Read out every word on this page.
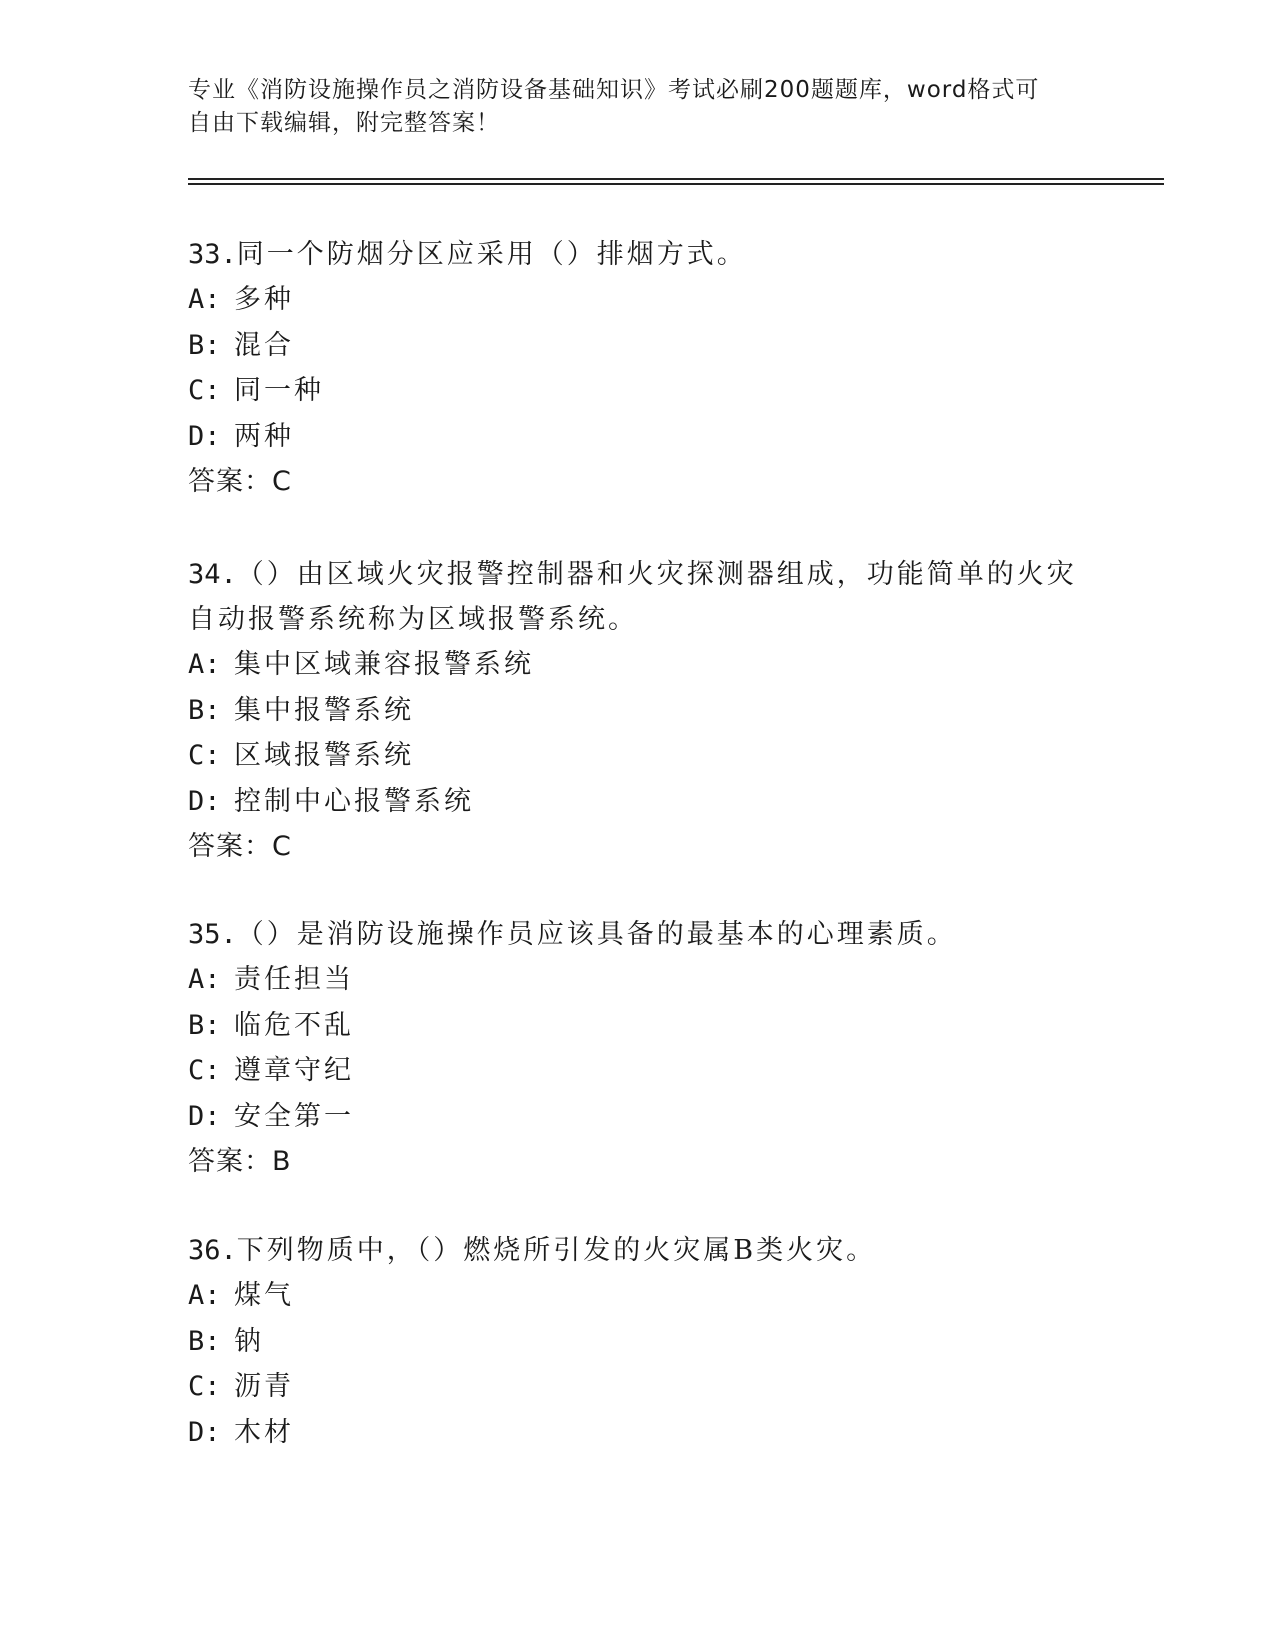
专业《消防设施操作员之消防设备基础知识》考试必刷200题题库，word格式可
自由下载编辑，附完整答案！
33.同一个防烟分区应采用（）排烟方式。
A: 多种
B: 混合
C: 同一种
D: 两种
答案：C
34.（）由区域火灾报警控制器和火灾探测器组成，功能简单的火灾自动报警系统称为区域报警系统。
A: 集中区域兼容报警系统
B: 集中报警系统
C: 区域报警系统
D: 控制中心报警系统
答案：C
35.（）是消防设施操作员应该具备的最基本的心理素质。
A: 责任担当
B: 临危不乱
C: 遵章守纪
D: 安全第一
答案：B
36.下列物质中，（）燃烧所引发的火灾属B类火灾。
A: 煤气
B: 钠
C: 沥青
D: 木材
